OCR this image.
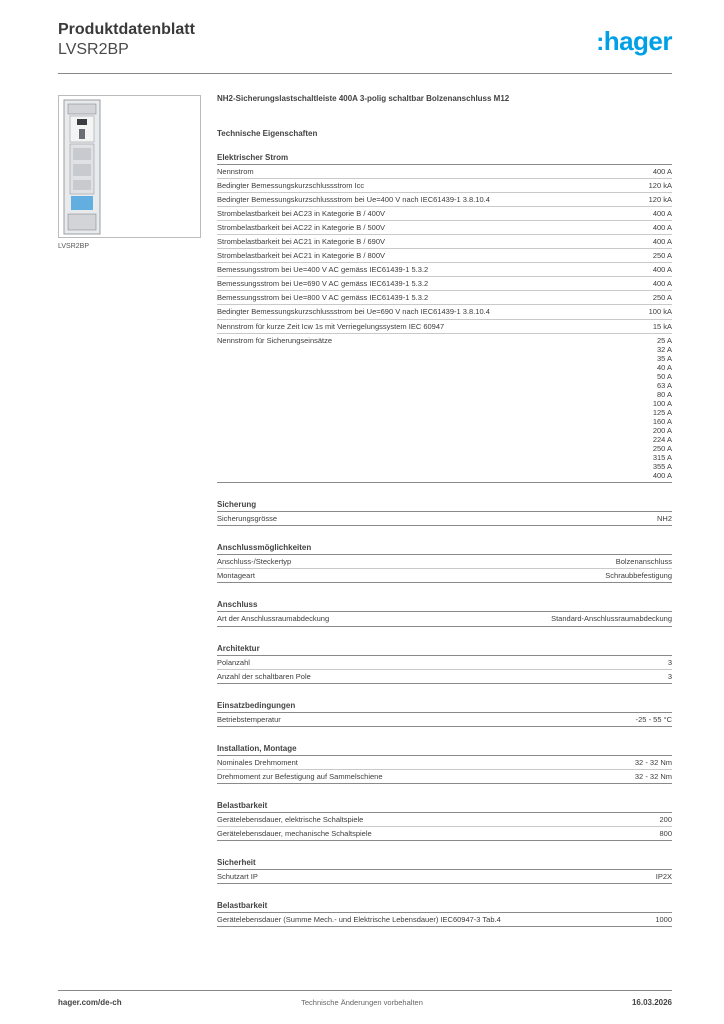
Produktdatenblatt
LVSR2BP	:hager
LVSR2BP
NH2-Sicherungslastschaltleiste 400A 3-polig schaltbar Bolzenanschluss M12
Technische Eigenschaften
Elektrischer Strom
Nennstrom	400 A
Bedingter Bemessungskurzschlussstrom Icc	120 kA
Bedingter Bemessungskurzschlussstrom bei Ue=400 V nach IEC61439-1 3.8.10.4	120 kA
Strombelastbarkeit bei AC23 in Kategorie B / 400V	400 A
Strombelastbarkeit bei AC22 in Kategorie B / 500V	400 A
Strombelastbarkeit bei AC21 in Kategorie B / 690V	400 A
Strombelastbarkeit bei AC21 in Kategorie B / 800V	250 A
Bemessungsstrom bei Ue=400 V AC gemäss IEC61439-1 5.3.2	400 A
Bemessungsstrom bei Ue=690 V AC gemäss IEC61439-1 5.3.2	400 A
Bemessungsstrom bei Ue=800 V AC gemäss IEC61439-1 5.3.2	250 A
Bedingter Bemessungskurzschlussstrom bei Ue=690 V nach IEC61439-1 3.8.10.4	100 kA
Nennstrom für kurze Zeit Icw 1s mit Verriegelungssystem IEC 60947	15 kA
Nennstrom für Sicherungseinsätze	25 A
32 A
35 A
40 A
50 A
63 A
80 A
100 A
125 A
160 A
200 A
224 A
250 A
315 A
355 A
400 A
Sicherung
Sicherungsgrösse	NH2
Anschlussmöglichkeiten
Anschluss-/Steckertyp	Bolzenanschluss
Montageart	Schraubbefestigung
Anschluss
Art der Anschlussraumabdeckung	Standard-Anschlussraumabdeckung
Architektur
Polanzahl	3
Anzahl der schaltbaren Pole	3
Einsatzbedingungen
Betriebstemperatur	-25 - 55 °C
Installation, Montage
Nominales Drehmoment	32 - 32 Nm
Drehmoment zur Befestigung auf Sammelschiene	32 - 32 Nm
Belastbarkeit
Gerätelebensdauer, elektrische Schaltspiele	200
Gerätelebensdauer, mechanische Schaltspiele	800
Sicherheit
Schutzart IP	IP2X
Belastbarkeit
Gerätelebensdauer (Summe Mech.- und Elektrische Lebensdauer) IEC60947-3 Tab.4	1000
hager.com/de-ch	Technische Änderungen vorbehalten	16.03.2026
